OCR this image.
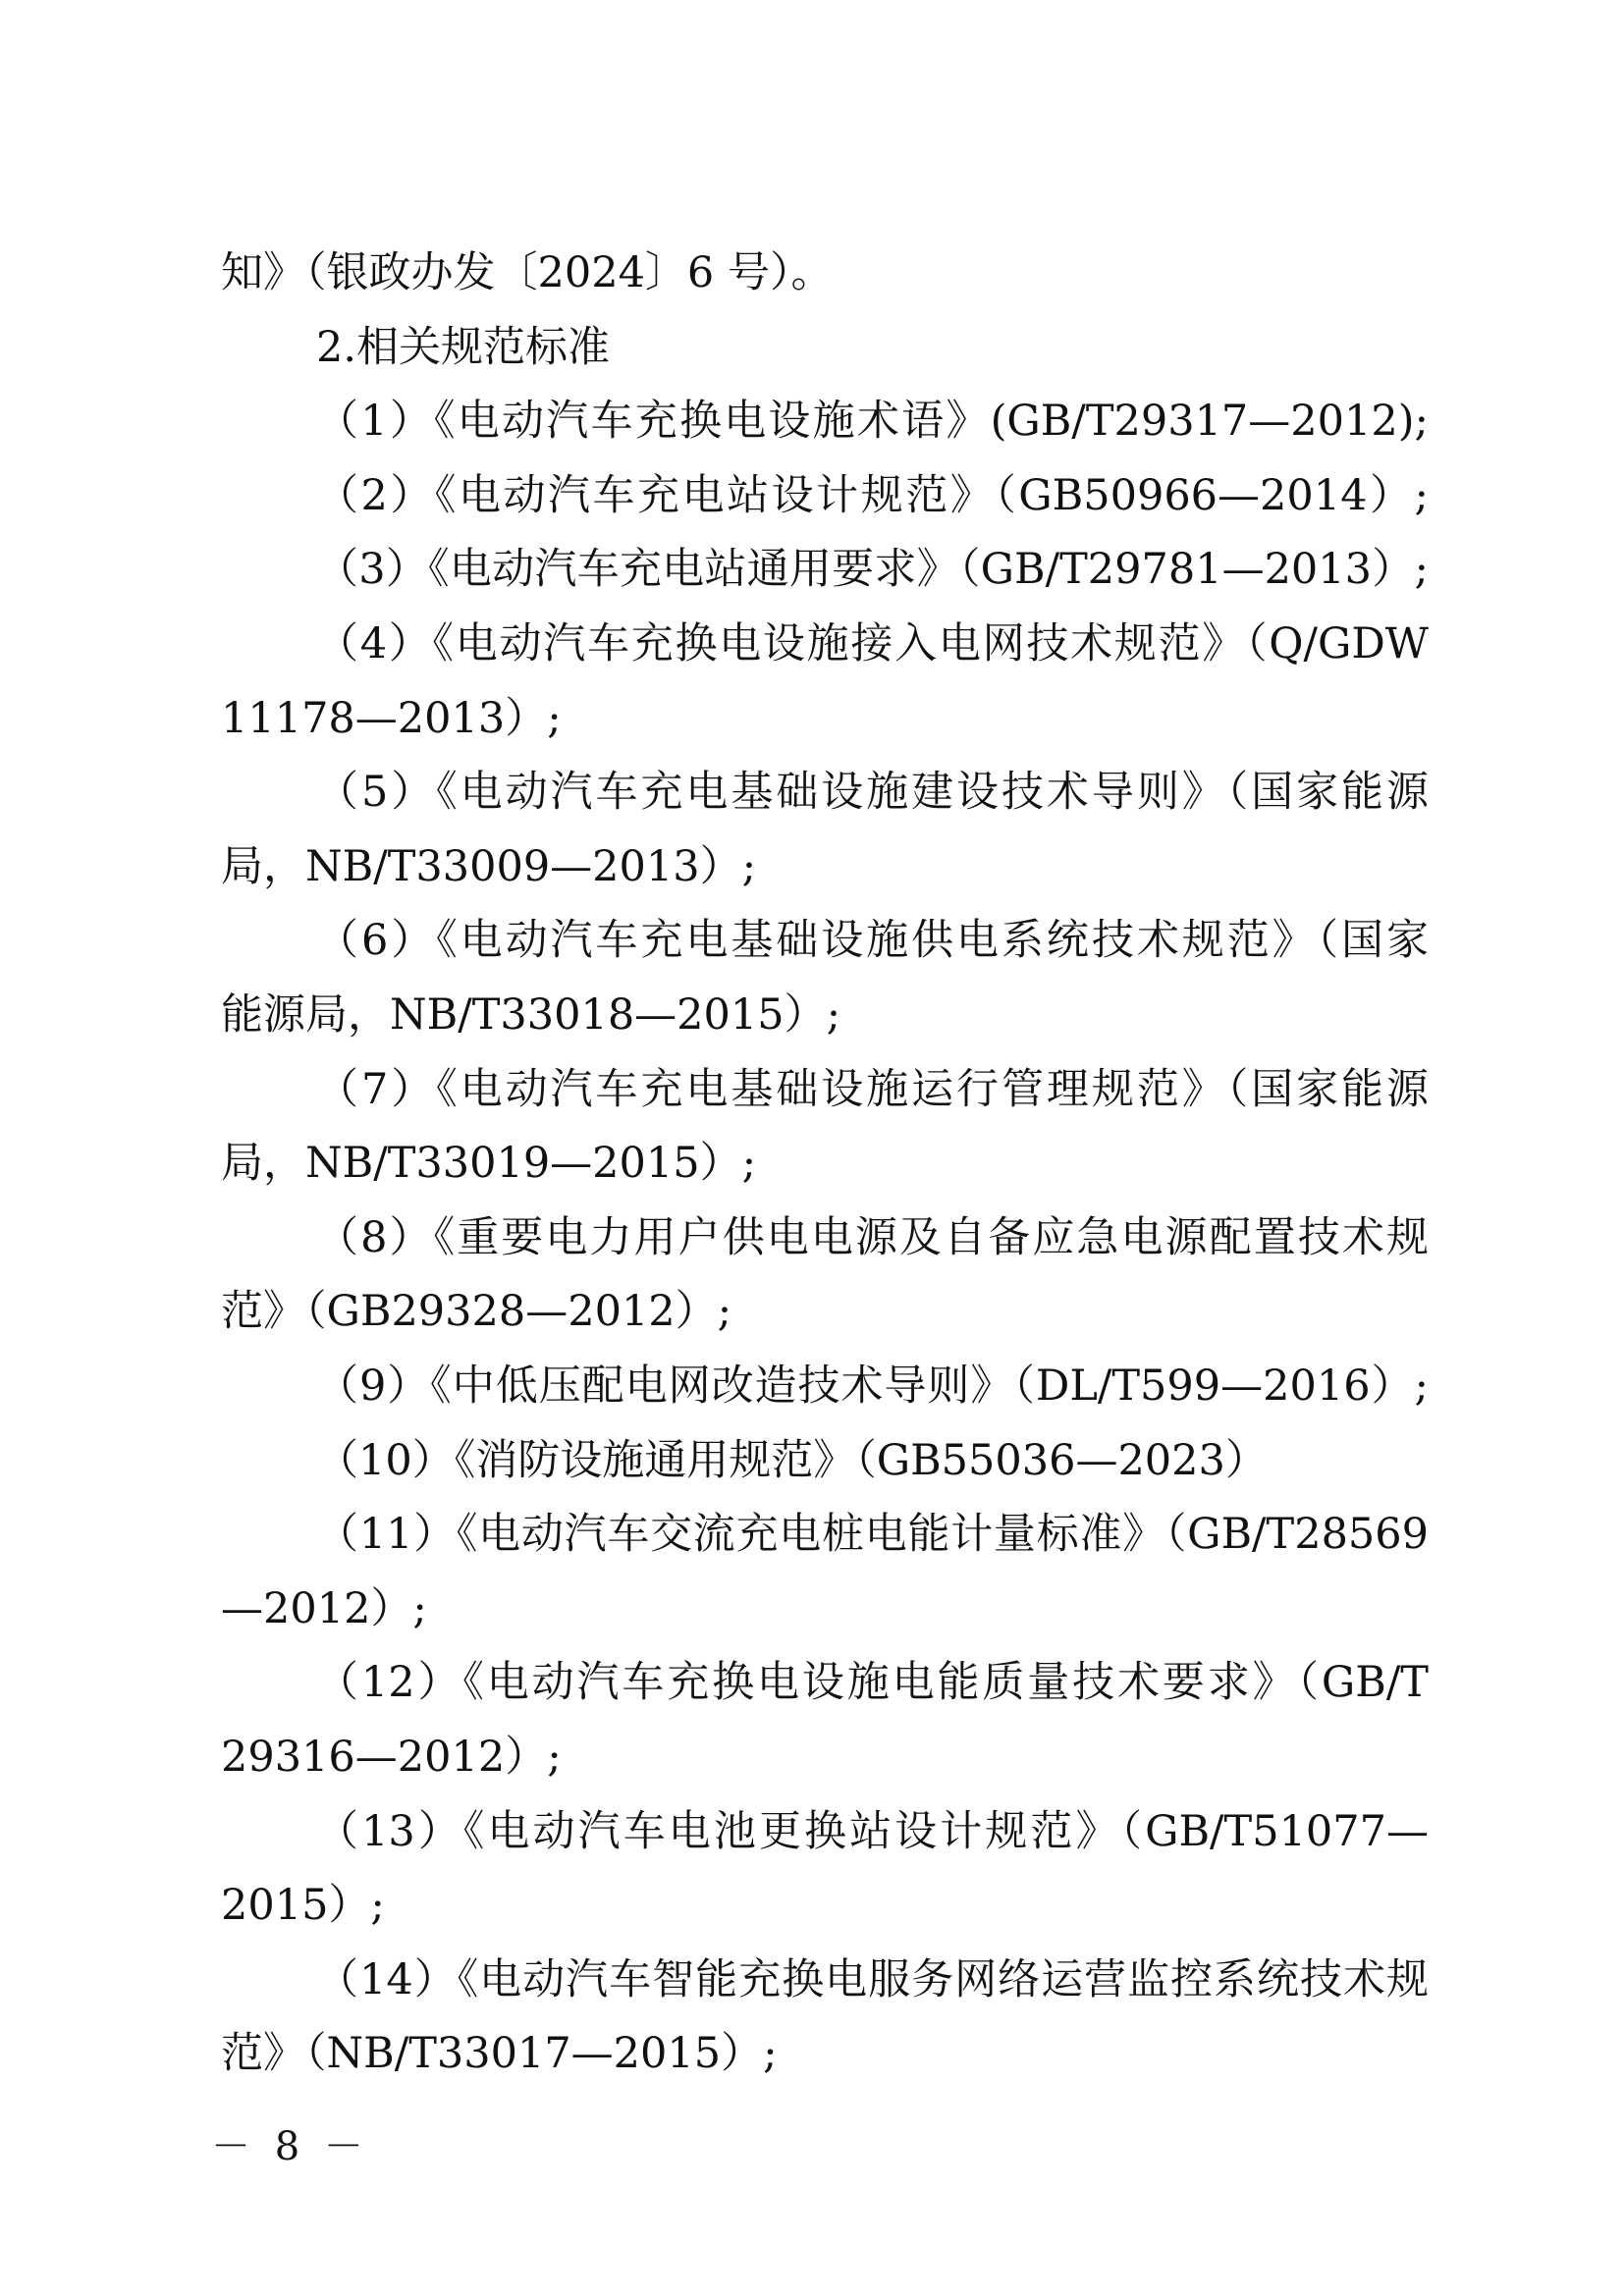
知》（银政办发〔2024〕6 号）。
2.相关规范标准
（1）《电动汽车充换电设施术语》(GB/T29317—2012);
（2）《电动汽车充电站设计规范》（GB50966—2014）;
（3）《电动汽车充电站通用要求》（GB/T29781—2013）;
（4）《电动汽车充换电设施接入电网技术规范》（Q/GDW
11178—2013）;
（5）《电动汽车充电基础设施建设技术导则》（国家能源
局，NB/T33009—2013）;
（6）《电动汽车充电基础设施供电系统技术规范》（国家
能源局，NB/T33018—2015）;
（7）《电动汽车充电基础设施运行管理规范》（国家能源
局，NB/T33019—2015）;
（8）《重要电力用户供电电源及自备应急电源配置技术规
范》（GB29328—2012）;
（9）《中低压配电网改造技术导则》（DL/T599—2016）;
（10）《消防设施通用规范》（GB55036—2023）
（11）《电动汽车交流充电桩电能计量标准》（GB/T28569
—2012）;
（12）《电动汽车充换电设施电能质量技术要求》（GB/T
29316—2012）;
（13）《电动汽车电池更换站设计规范》（GB/T51077—
2015）;
（14）《电动汽车智能充换电服务网络运营监控系统技术规
范》（NB/T33017—2015）;
－ 8 －
